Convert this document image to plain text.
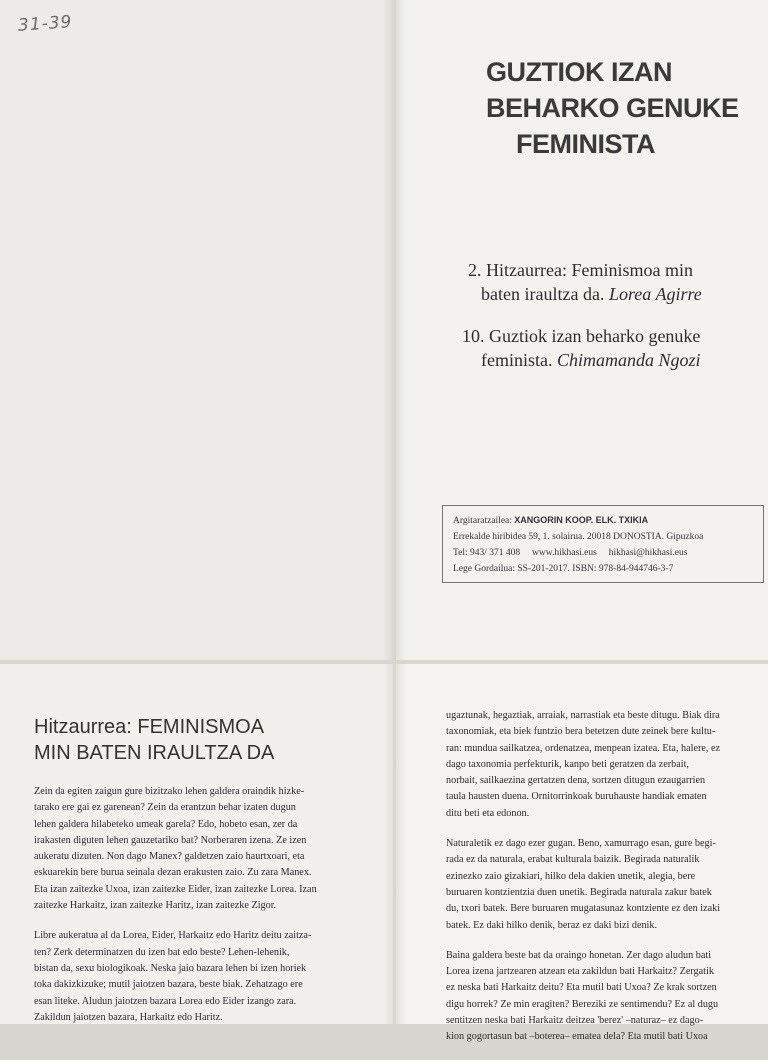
31-39
GUZTIOK IZAN
BEHARKO GENUKE
FEMINISTA
2. Hitzaurrea: Feminismoa min
baten iraultza da. Lorea Agirre
10. Guztiok izan beharko genuke
feminista. Chimamanda Ngozi
Argitaratzailea: XANGORIN KOOP. ELK. TXIKIA
Errekalde hiribidea 59, 1. solairua. 20018 DONOSTIA. Gipuzkoa
Tel: 943/ 371 408     www.hikhasi.eus     hikhasi@hikhasi.eus
Lege Gordailua: SS-201-2017. ISBN: 978-84-944746-3-7
Hitzaurrea: FEMINISMOA
MIN BATEN IRAULTZA DA

Zein da egiten zaigun gure bizitzako lehen galdera oraindik hizke-
tarako ere gai ez garenean? Zein da erantzun behar izaten dugun
lehen galdera hilabeteko umeak garela? Edo, hobeto esan, zer da
irakasten diguten lehen gauzetariko bat? Norberaren izena. Ze izen
aukeratu dizuten. Non dago Manex? galdetzen zaio haurtxoari, eta
eskuarekin bere burua seinala dezan erakusten zaio. Zu zara Manex.
Eta izan zaitezke Uxoa, izan zaitezke Eider, izan zaitezke Lorea. Izan
zaitezke Harkaitz, izan zaitezke Haritz, izan zaitezke Zigor.

Libre aukeratua al da Lorea, Eider, Harkaitz edo Haritz deitu zaitza-
ten? Zerk determinatzen du izen bat edo beste? Lehen-lehenik,
bistan da, sexu biologikoak. Neska jaio bazara lehen bi izen horiek
toka dakizkizuke; mutil jaiotzen bazara, beste biak. Zehatzago ere
esan liteke. Aludun jaiotzen bazara Lorea edo Eider izango zara.
Zakildun jaiotzen bazara, Harkaitz edo Haritz.

ugaztunak, hegaztiak, arraiak, narrastiak eta beste ditugu. Biak dira
taxonomiak, eta biek funtzio bera betetzen dute zeinek bere kultu-
ran: mundua sailkatzea, ordenatzea, menpean izatea. Eta, halere, ez
dago taxonomia perfekturik, kanpo beti geratzen da zerbait,
norbait, sailkaezina gertatzen dena, sortzen ditugun ezaugarrien
taula hausten duena. Ornitorrinkoak buruhauste handiak ematen
ditu beti eta edonon.

Naturaletik ez dago ezer gugan. Beno, xamurrago esan, gure begi-
rada ez da naturala, erabat kulturala baizik. Begirada naturalik
ezinezko zaio gizakiari, hilko dela dakien unetik, alegia, bere
buruaren kontzientzia duen unetik. Begirada naturala zakur batek
du, txori batek. Bere buruaren mugatasunaz kontziente ez den izaki
batek. Ez daki hilko denik, beraz ez daki bizi denik.

Baina galdera beste bat da oraingo honetan. Zer dago aludun bati
Lorea izena jartzearen atzean eta zakildun bati Harkaitz? Zergatik
ez neska bati Harkaitz deitu? Eta mutil bati Uxoa? Ze krak sortzen
digu horrek? Ze min eragiten? Bereziki ze sentimendu? Ez al dugu
sentitzen neska bati Harkaitz deitzea 'berez' –naturaz– ez dago-
kion gogortasun bat –boterea– ematea dela? Eta mutil bati Uxoa
